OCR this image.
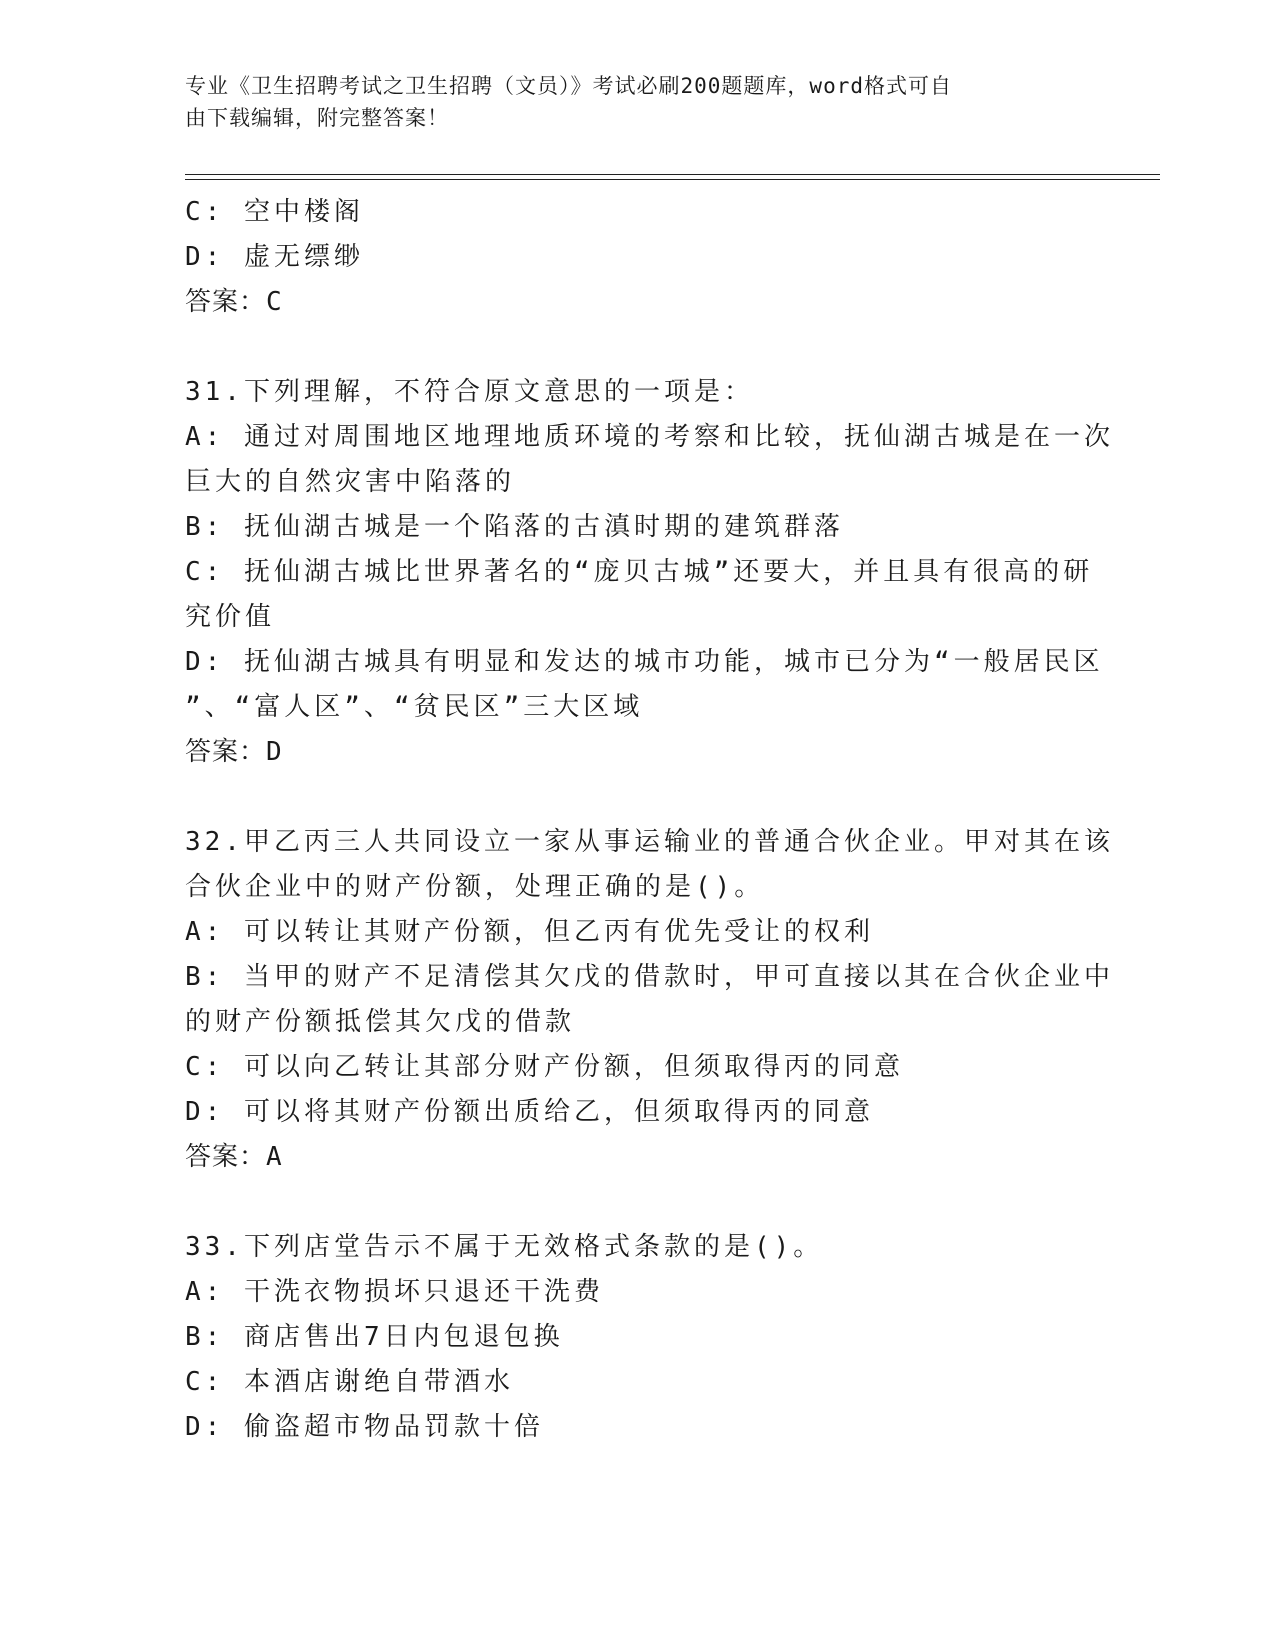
专业《卫生招聘考试之卫生招聘（文员）》考试必刷200题题库，word格式可自
由下载编辑，附完整答案！
C: 空中楼阁
D: 虚无缥缈
答案：C
31.下列理解，不符合原文意思的一项是：
A: 通过对周围地区地理地质环境的考察和比较，抚仙湖古城是在一次
巨大的自然灾害中陷落的
B: 抚仙湖古城是一个陷落的古滇时期的建筑群落
C: 抚仙湖古城比世界著名的“庞贝古城”还要大，并且具有很高的研
究价值
D: 抚仙湖古城具有明显和发达的城市功能，城市已分为“一般居民区
”、“富人区”、“贫民区”三大区域
答案：D
32.甲乙丙三人共同设立一家从事运输业的普通合伙企业。甲对其在该
合伙企业中的财产份额，处理正确的是()。
A: 可以转让其财产份额，但乙丙有优先受让的权利
B: 当甲的财产不足清偿其欠戊的借款时，甲可直接以其在合伙企业中
的财产份额抵偿其欠戊的借款
C: 可以向乙转让其部分财产份额，但须取得丙的同意
D: 可以将其财产份额出质给乙，但须取得丙的同意
答案：A
33.下列店堂告示不属于无效格式条款的是()。
A: 干洗衣物损坏只退还干洗费
B: 商店售出7日内包退包换
C: 本酒店谢绝自带酒水
D: 偷盗超市物品罚款十倍
